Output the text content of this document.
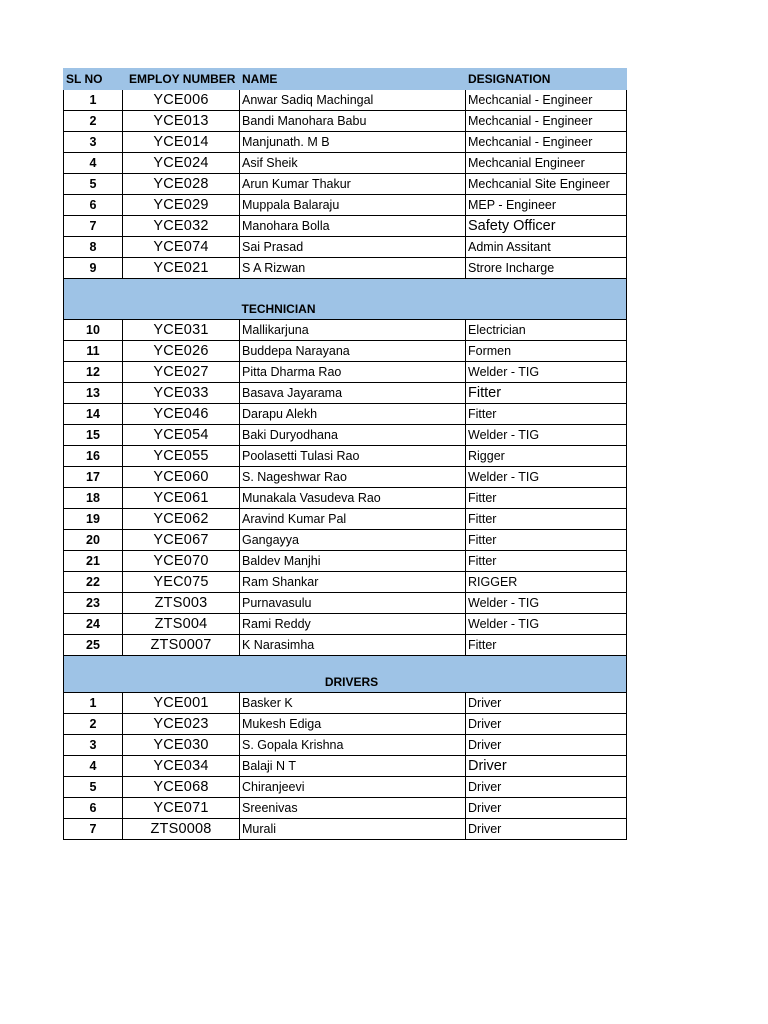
SL NO	EMPLOY NUMBER	NAME	DESIGNATION
1	YCE006	Anwar Sadiq Machingal	Mechcanial - Engineer
2	YCE013	Bandi Manohara Babu	Mechcanial - Engineer
3	YCE014	Manjunath. M B	Mechcanial - Engineer
4	YCE024	Asif Sheik	Mechcanial Engineer
5	YCE028	Arun Kumar Thakur	Mechcanial Site Engineer
6	YCE029	Muppala Balaraju	MEP - Engineer
7	YCE032	Manohara Bolla	Safety Officer
8	YCE074	Sai Prasad	Admin Assitant
9	YCE021	S A Rizwan	Strore Incharge
		TECHNICIAN	
10	YCE031	Mallikarjuna	Electrician
11	YCE026	Buddepa Narayana	Formen
12	YCE027	Pitta Dharma Rao	Welder - TIG
13	YCE033	Basava Jayarama	Fitter
14	YCE046	Darapu Alekh	Fitter
15	YCE054	Baki Duryodhana	Welder - TIG
16	YCE055	Poolasetti Tulasi Rao	Rigger
17	YCE060	S. Nageshwar Rao	Welder - TIG
18	YCE061	Munakala Vasudeva Rao	Fitter
19	YCE062	Aravind Kumar Pal	Fitter
20	YCE067	Gangayya	Fitter
21	YCE070	Baldev Manjhi	Fitter
22	YEC075	Ram Shankar	RIGGER
23	ZTS003	Purnavasulu	Welder - TIG
24	ZTS004	Rami Reddy	Welder - TIG
25	ZTS0007	K Narasimha	Fitter
		DRIVERS	
1	YCE001	Basker K	Driver
2	YCE023	Mukesh Ediga	Driver
3	YCE030	S. Gopala Krishna	Driver
4	YCE034	Balaji N T	Driver
5	YCE068	Chiranjeevi	Driver
6	YCE071	Sreenivas	Driver
7	ZTS0008	Murali	Driver
